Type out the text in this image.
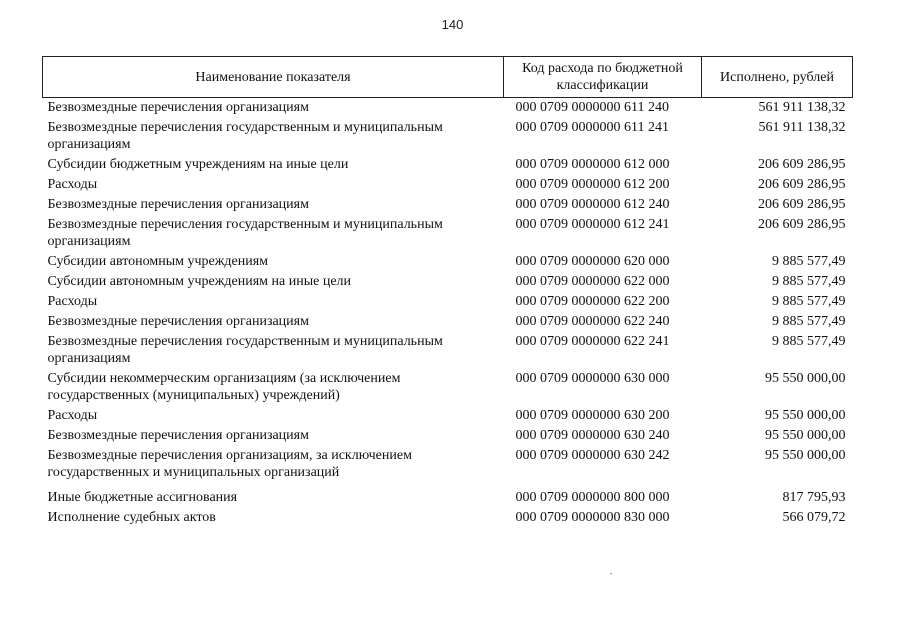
140
Наименование показателя	Код расхода по бюджетной классификации	Исполнено, рублей
Безвозмездные перечисления организациям	000 0709 0000000 611 240	561 911 138,32
Безвозмездные перечисления государственным и муниципальным организациям	000 0709 0000000 611 241	561 911 138,32
Субсидии бюджетным учреждениям на иные цели	000 0709 0000000 612 000	206 609 286,95
Расходы	000 0709 0000000 612 200	206 609 286,95
Безвозмездные перечисления организациям	000 0709 0000000 612 240	206 609 286,95
Безвозмездные перечисления государственным и муниципальным организациям	000 0709 0000000 612 241	206 609 286,95
Субсидии автономным учреждениям	000 0709 0000000 620 000	9 885 577,49
Субсидии автономным учреждениям на иные цели	000 0709 0000000 622 000	9 885 577,49
Расходы	000 0709 0000000 622 200	9 885 577,49
Безвозмездные перечисления организациям	000 0709 0000000 622 240	9 885 577,49
Безвозмездные перечисления государственным и муниципальным организациям	000 0709 0000000 622 241	9 885 577,49
Субсидии некоммерческим организациям (за исключением государственных (муниципальных) учреждений)	000 0709 0000000 630 000	95 550 000,00
Расходы	000 0709 0000000 630 200	95 550 000,00
Безвозмездные перечисления организациям	000 0709 0000000 630 240	95 550 000,00
Безвозмездные перечисления организациям, за исключением государственных и муниципальных организаций	000 0709 0000000 630 242	95 550 000,00
Иные бюджетные ассигнования	000 0709 0000000 800 000	817 795,93
Исполнение судебных актов	000 0709 0000000 830 000	566 079,72
